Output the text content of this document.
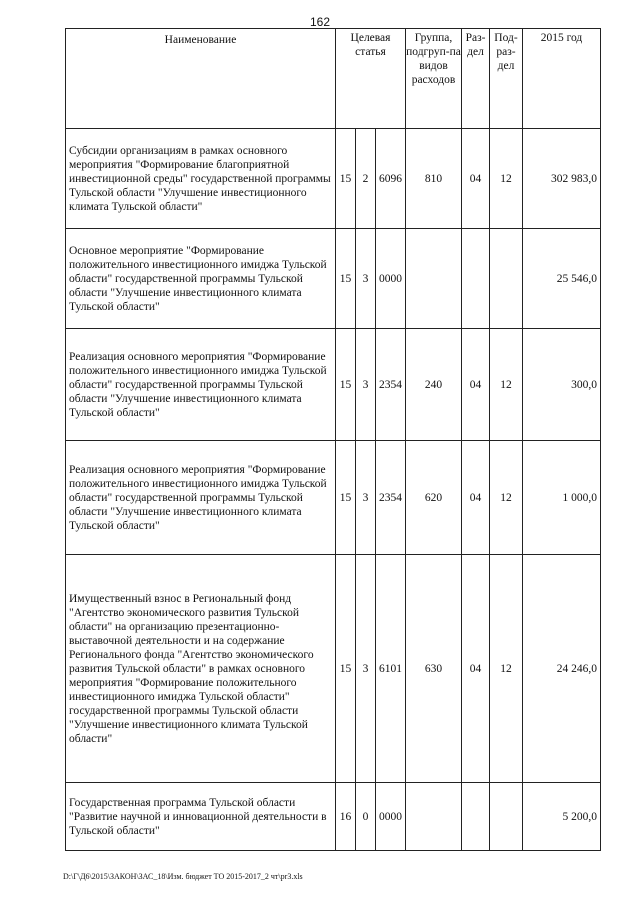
162
Наименование	Целевая статья			Группа, подгруп-па видов расходов	Раз-дел	Под-раз-дел	2015 год
Субсидии организациям в рамках основного мероприятия "Формирование благоприятной инвестиционной среды" государственной программы Тульской области "Улучшение инвестиционного климата Тульской области"	15	2	6096	810	04	12	302 983,0
Основное мероприятие "Формирование положительного инвестиционного имиджа Тульской области" государственной программы Тульской области "Улучшение инвестиционного климата Тульской области"	15	3	0000				25 546,0
Реализация основного мероприятия "Формирование положительного инвестиционного имиджа Тульской области" государственной программы Тульской области "Улучшение инвестиционного климата Тульской области"	15	3	2354	240	04	12	300,0
Реализация основного мероприятия "Формирование положительного инвестиционного имиджа Тульской области" государственной программы Тульской области "Улучшение инвестиционного климата Тульской области"	15	3	2354	620	04	12	1 000,0
Имущественный взнос в Региональный фонд "Агентство экономического развития Тульской области" на организацию презентационно-выставочной деятельности и на содержание Регионального фонда "Агентство экономического развития Тульской области" в рамках основного мероприятия "Формирование положительного инвестиционного имиджа Тульской области" государственной программы Тульской области "Улучшение инвестиционного климата Тульской области"	15	3	6101	630	04	12	24 246,0
Государственная программа Тульской области "Развитие научной и инновационной деятельности в Тульской области"	16	0	0000				5 200,0
D:\Г\Д6\2015\ЗАКОН\ЗАС_18\Изм. бюджет ТО 2015-2017_2 чт\pr3.xls
